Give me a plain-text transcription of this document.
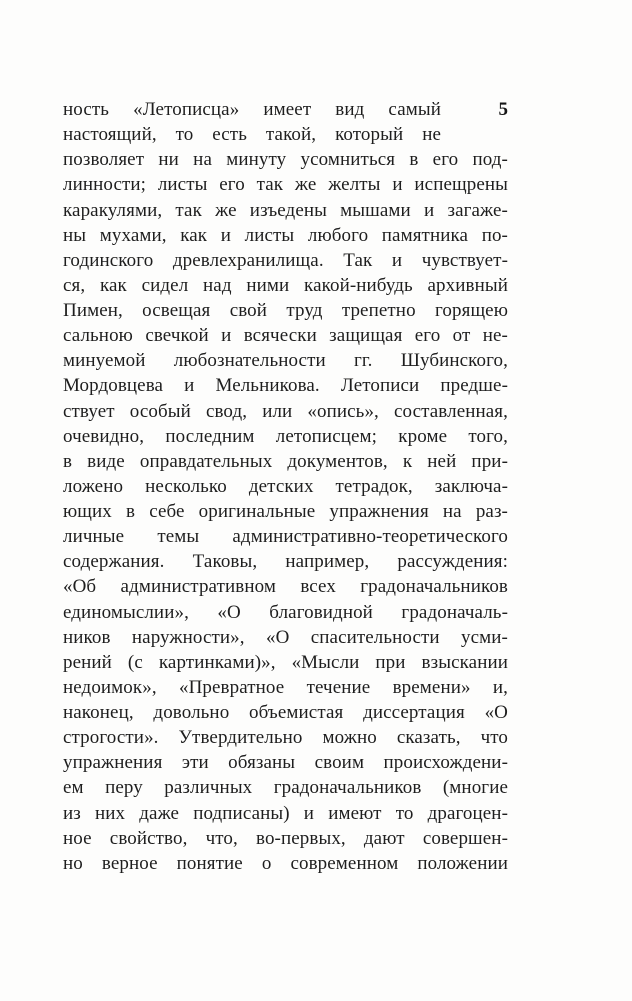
5
ность «Летописца» имеет вид самый
настоящий, то есть такой, который не
позволяет ни на минуту усомниться в его под-
линности; листы его так же желты и испещрены
каракулями, так же изъедены мышами и загаже-
ны мухами, как и листы любого памятника по-
годинского древлехранилища. Так и чувствует-
ся, как сидел над ними какой-нибудь архивный
Пимен, освещая свой труд трепетно горящею
сальною свечкой и всячески защищая его от не-
минуемой любознательности гг. Шубинского,
Мордовцева и Мельникова. Летописи предше-
ствует особый свод, или «опись», составленная,
очевидно, последним летописцем; кроме того,
в виде оправдательных документов, к ней при-
ложено несколько детских тетрадок, заключа-
ющих в себе оригинальные упражнения на раз-
личные темы административно-теоретического
содержания. Таковы, например, рассуждения:
«Об административном всех градоначальников
единомыслии», «О благовидной градоначаль-
ников наружности», «О спасительности усми-
рений (с картинками)», «Мысли при взыскании
недоимок», «Превратное течение времени» и,
наконец, довольно объемистая диссертация «О
строгости». Утвердительно можно сказать, что
упражнения эти обязаны своим происхождени-
ем перу различных градоначальников (многие
из них даже подписаны) и имеют то драгоцен-
ное свойство, что, во-первых, дают совершен-
но верное понятие о современном положении
